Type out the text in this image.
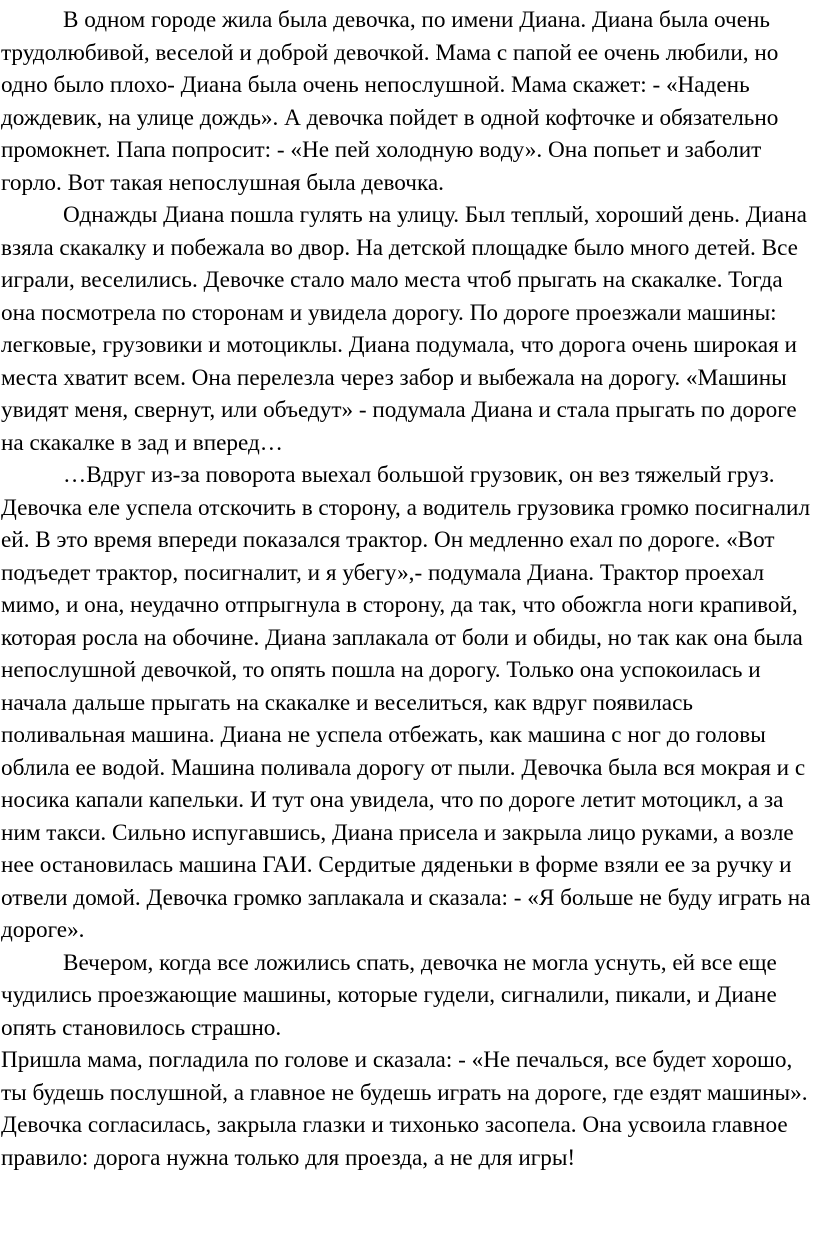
В одном городе жила была девочка, по имени Диана. Диана была очень трудолюбивой, веселой и доброй девочкой. Мама с папой ее очень любили, но одно было плохо- Диана была очень непослушной. Мама скажет: - «Надень дождевик, на улице дождь». А девочка пойдет в одной кофточке и обязательно промокнет. Папа попросит: - «Не пей холодную воду». Она попьет и заболит горло. Вот такая непослушная была девочка.

Однажды Диана пошла гулять на улицу. Был теплый, хороший день. Диана взяла скакалку и побежала во двор. На детской площадке было много детей. Все играли, веселились. Девочке стало мало места чтоб прыгать на скакалке. Тогда она посмотрела по сторонам и увидела дорогу. По дороге проезжали машины: легковые, грузовики и мотоциклы. Диана подумала, что дорога очень широкая и места хватит всем. Она перелезла через забор и выбежала на дорогу. «Машины увидят меня, свернут, или объедут» - подумала Диана и стала прыгать по дороге на скакалке в зад и вперед…

…Вдруг из-за поворота выехал большой грузовик, он вез тяжелый груз. Девочка еле успела отскочить в сторону, а водитель грузовика громко посигналил ей. В это время впереди показался трактор. Он медленно ехал по дороге. «Вот подъедет трактор, посигналит, и я убегу»,- подумала Диана. Трактор проехал мимо, и она, неудачно отпрыгнула в сторону, да так, что обожгла ноги крапивой, которая росла на обочине. Диана заплакала от боли и обиды, но так как она была непослушной девочкой, то опять пошла на дорогу. Только она успокоилась и начала дальше прыгать на скакалке и веселиться, как вдруг появилась поливальная машина. Диана не успела отбежать, как машина с ног до головы облила ее водой. Машина поливала дорогу от пыли. Девочка была вся мокрая и с носика капали капельки. И тут она увидела, что по дороге летит мотоцикл, а за ним такси. Сильно испугавшись, Диана присела и закрыла лицо руками, а возле нее остановилась машина ГАИ. Сердитые дяденьки в форме взяли ее за ручку и отвели домой. Девочка громко заплакала и сказала: - «Я больше не буду играть на дороге».

Вечером, когда все ложились спать, девочка не могла уснуть, ей все еще чудились проезжающие машины, которые гудели, сигналили, пикали, и Диане опять становилось страшно.

Пришла мама, погладила по голове и сказала: - «Не печалься, все будет хорошо, ты будешь послушной, а главное не будешь играть на дороге, где ездят машины». Девочка согласилась, закрыла глазки и тихонько засопела. Она усвоила главное правило: дорога нужна только для проезда, а не для игры!
